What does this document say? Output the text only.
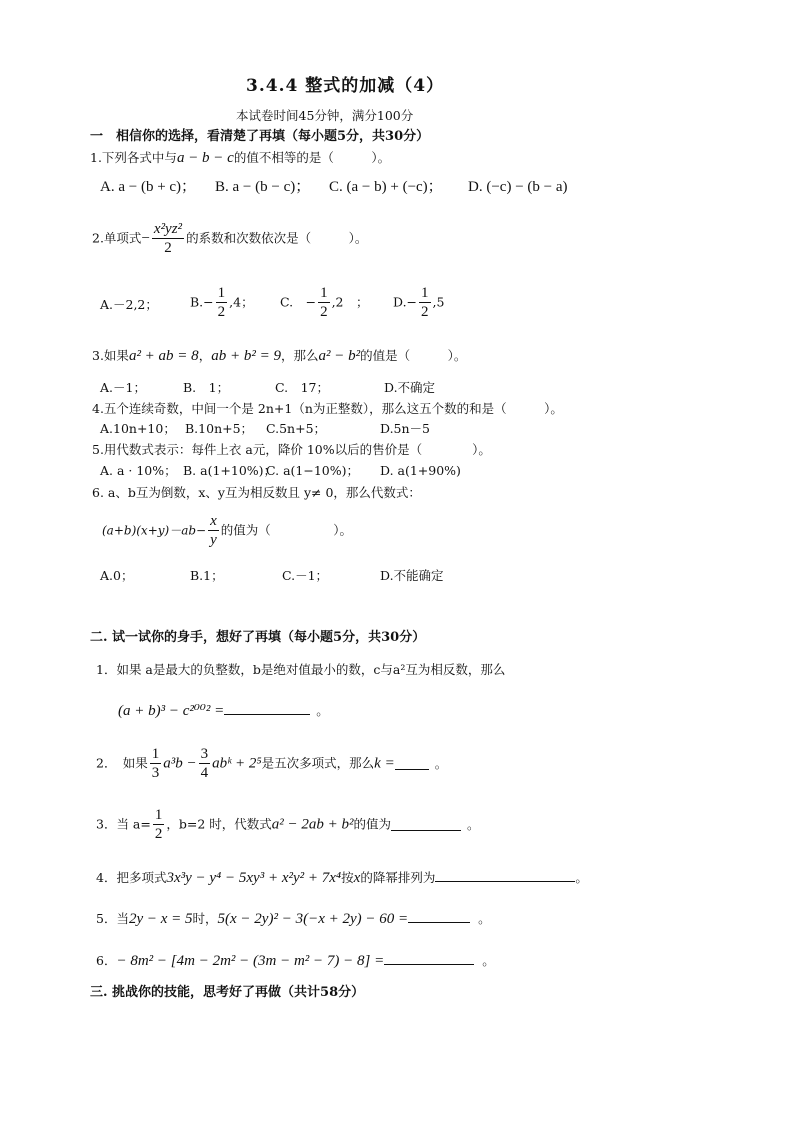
3.4.4 整式的加减（4）
本试卷时间45分钟，满分100分
一　相信你的选择，看清楚了再填（每小题5分，共30分）
1.下列各式中与a − b − c的值不相等的是（　　　）。
A. a − (b + c)； B. a − (b − c)； C. (a − b) + (−c)； D. (−c) − (b − a)
2.单项式− $\frac{\text{x²yz²}}{2}$ 的系数和次数依次是（　　　）。
A.－2,2；	$B.- \frac{1}{2} ,4$； C.　− $\frac{1}{2} ,2$　； $D.- \frac{1}{2} ,5$
3.如果a² + ab = 8，ab + b² = 9，那么a² − b²的值是（　　　）。
A.－1；	B.　1；	C.　17；	D.不确定
4.五个连续奇数，中间一个是 2n+1（n为正整数），那么这五个数的和是（　　　）。
A.10n+10； B.10n+5； C.5n+5；	D.5n－5
5.用代数式表示：每件上衣 a元，降价 10%以后的售价是（　　　　）。
A. a · 10%； B. a(1+10%)；
C. a(1−10%)； D. a(1+90%)
6. a、b互为倒数，x、y互为相反数且 y≠ 0，那么代数式：
$(a+b)(x+y)-ab- \frac{x}{y}$ 的值为（　　　　　）。
A.0；	B.1；	C.－1；	D.不能确定
二. 试一试你的身手，想好了再填（每小题5分，共30分）
1．如果 a是最大的负整数，b是绝对值最小的数，c与a²互为相反数，那么
(a + b)³ − c²⁰⁰² =	。
2．　如果 $\frac{1}{3} a^3b - \frac{3}{4}$ abᵏ + 2⁵是五次多项式，那么k =	。
3．当 $a= \frac{1}{2}$ ，b=2 时，代数式a² − 2ab + b²的值为	。
4．把多项式3x³y − y⁴ − 5xy³ + x²y² + 7x⁴按x的降幂排列为	。
5．当2y − x = 5时，5(x − 2y)² − 3(−x + 2y) − 60 =	。
6．− 8m² − [4m − 2m² − (3m − m² − 7) − 8] =	。
三. 挑战你的技能，思考好了再做（共计58分）
